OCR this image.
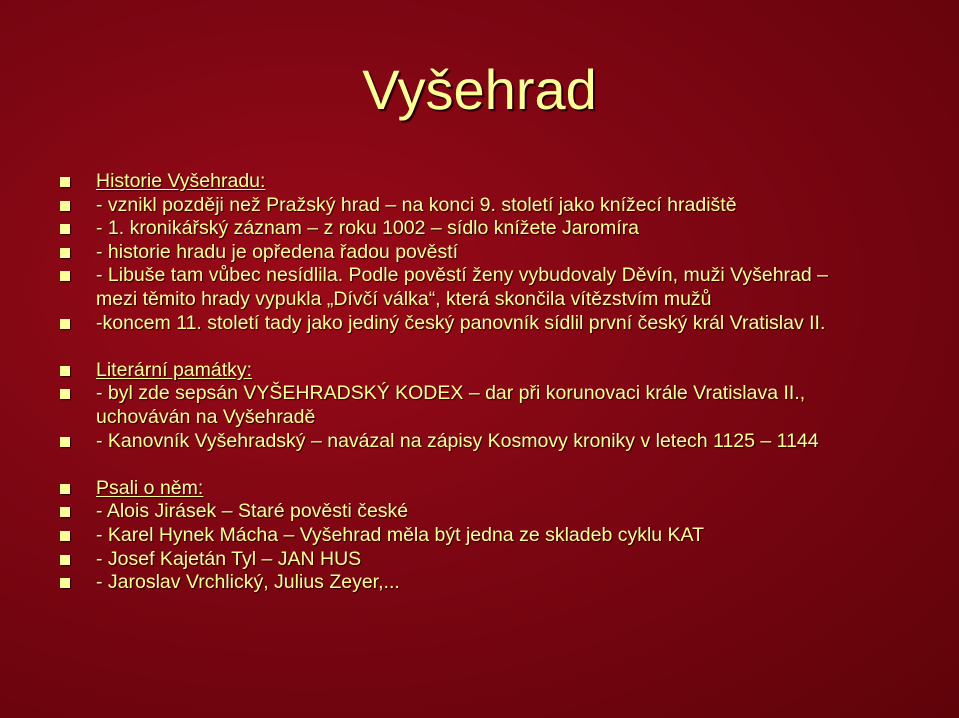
Vyšehrad
Historie Vyšehradu:
- vznikl později než Pražský hrad – na konci 9. století jako knížecí hradiště
- 1. kronikářský záznam – z roku 1002 – sídlo knížete Jaromíra
- historie hradu je opředena řadou pověstí
- Libuše tam vůbec nesídlila. Podle pověstí ženy vybudovaly Děvín, muži Vyšehrad –
mezi těmito hrady vypukla „Dívčí válka“, která skončila vítězstvím mužů
-koncem 11. století tady jako jediný český panovník sídlil první český král Vratislav II.
Literární památky:
- byl zde sepsán VYŠEHRADSKÝ KODEX – dar při korunovaci krále Vratislava II.,
uchováván na Vyšehradě
- Kanovník Vyšehradský – navázal na zápisy Kosmovy kroniky v letech 1125 – 1144
Psali o něm:
- Alois Jirásek – Staré pověsti české
- Karel Hynek Mácha – Vyšehrad měla být jedna ze skladeb cyklu KAT
- Josef Kajetán Tyl – JAN HUS
- Jaroslav Vrchlický, Julius Zeyer,...
